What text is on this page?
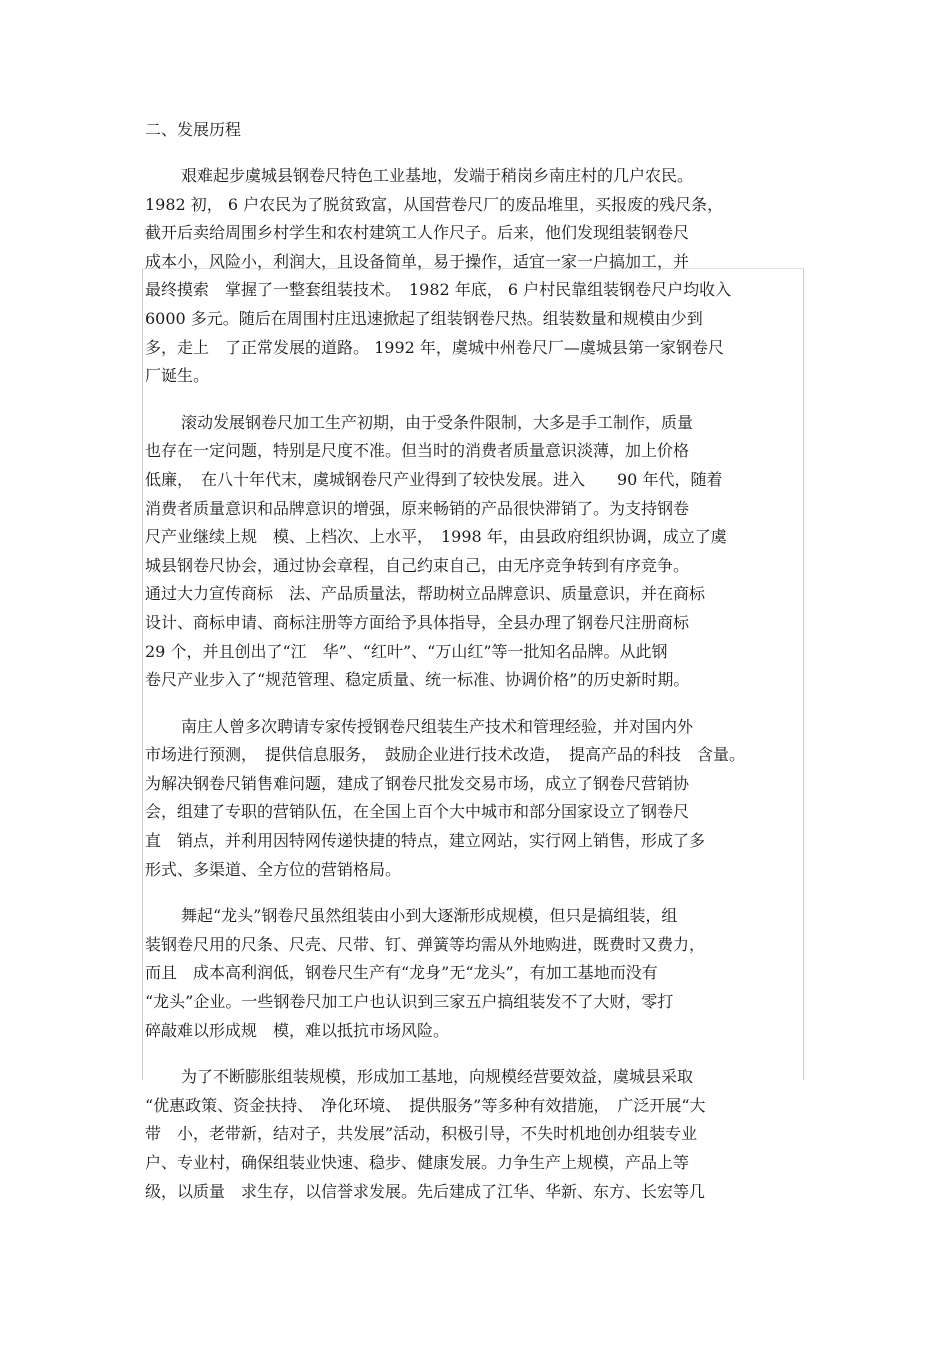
二、发展历程
艰难起步虞城县钢卷尺特色工业基地，发端于稍岗乡南庄村的几户农民。
1982 初， 6 户农民为了脱贫致富，从国营卷尺厂的废品堆里，买报废的残尺条，
截开后卖给周围乡村学生和农村建筑工人作尺子。后来，他们发现组装钢卷尺
成本小，风险小，利润大，且设备简单，易于操作，适宜一家一户搞加工，并
最终摸索　掌握了一整套组装技术。　1982 年底， 6 户村民靠组装钢卷尺户均收入
6000 多元。随后在周围村庄迅速掀起了组装钢卷尺热。组装数量和规模由少到
多，走上　了正常发展的道路。 1992 年，虞城中州卷尺厂—虞城县第一家钢卷尺
厂诞生。
滚动发展钢卷尺加工生产初期，由于受条件限制，大多是手工制作，质量
也存在一定问题，特别是尺度不准。但当时的消费者质量意识淡薄，加上价格
低廉，　在八十年代末，虞城钢卷尺产业得到了较快发展。进入　　90 年代，随着
消费者质量意识和品牌意识的增强，原来畅销的产品很快滞销了。为支持钢卷
尺产业继续上规　模、上档次、上水平，　1998 年，由县政府组织协调，成立了虞
城县钢卷尺协会，通过协会章程，自己约束自己，由无序竞争转到有序竞争。
通过大力宣传商标　法、产品质量法，帮助树立品牌意识、质量意识，并在商标
设计、商标申请、商标注册等方面给予具体指导，全县办理了钢卷尺注册商标
29 个，并且创出了“江　华”、“红叶”、“万山红”等一批知名品牌。从此钢
卷尺产业步入了“规范管理、稳定质量、统一标准、协调价格”的历史新时期。
南庄人曾多次聘请专家传授钢卷尺组装生产技术和管理经验，并对国内外
市场进行预测，　提供信息服务，　鼓励企业进行技术改造，　提高产品的科技　含量。
为解决钢卷尺销售难问题，建成了钢卷尺批发交易市场，成立了钢卷尺营销协
会，组建了专职的营销队伍，在全国上百个大中城市和部分国家设立了钢卷尺
直　销点，并利用因特网传递快捷的特点，建立网站，实行网上销售，形成了多
形式、多渠道、全方位的营销格局。
舞起“龙头”钢卷尺虽然组装由小到大逐渐形成规模，但只是搞组装，组
装钢卷尺用的尺条、尺壳、尺带、钉、弹簧等均需从外地购进，既费时又费力，
而且　成本高利润低，钢卷尺生产有“龙身”无“龙头”，有加工基地而没有
“龙头”企业。一些钢卷尺加工户也认识到三家五户搞组装发不了大财，零打
碎敲难以形成规　模，难以抵抗市场风险。
为了不断膨胀组装规模，形成加工基地，向规模经营要效益，虞城县采取
“优惠政策、资金扶持、　净化环境、　提供服务”等多种有效措施，　广泛开展“大
带　小，老带新，结对子，共发展”活动，积极引导，不失时机地创办组装专业
户、专业村，确保组装业快速、稳步、健康发展。力争生产上规模，产品上等
级，以质量　求生存，以信誉求发展。先后建成了江华、华新、东方、长宏等几
